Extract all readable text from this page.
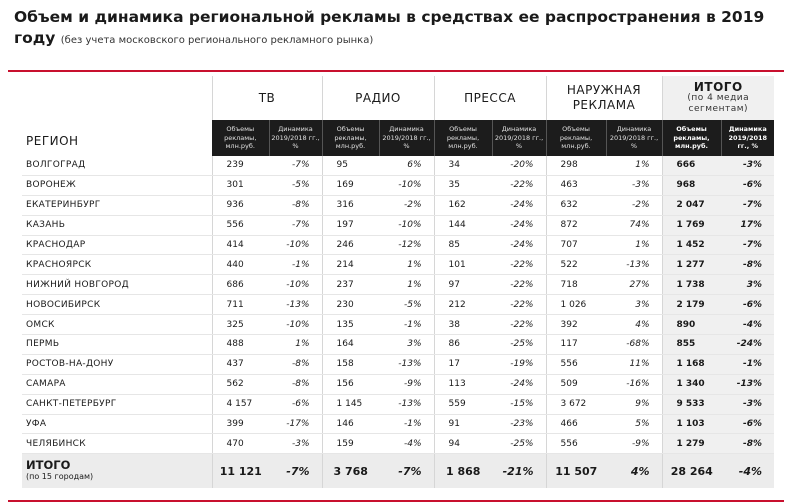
Объем и динамика региональной рекламы в средствах ее распространения в 2019 году (без учета московского регионального рекламного рынка)
РЕГИОН	ТВ		РАДИО		ПРЕССА		НАРУЖНАЯ РЕКЛАМА		ИТОГО
(по 4 медиа сегментам)	

	Объемы рекламы, млн.руб.	Динамика 2019/2018 гг., %	Объемы рекламы, млн.руб.	Динамика 2019/2018 гг., %	Объемы рекламы, млн.руб.	Динамика 2019/2018 гг., %	Объемы рекламы, млн.руб.	Динамика 2019/2018 гг., %	Объемы рекламы, млн.руб.	Динамика 2019/2018 гг., %
ВОЛГОГРАД	239	-7%	95	6%	34	-20%	298	1%	666	-3%
ВОРОНЕЖ	301	-5%	169	-10%	35	-22%	463	-3%	968	-6%
ЕКАТЕРИНБУРГ	936	-8%	316	-2%	162	-24%	632	-2%	2 047	-7%
КАЗАНЬ	556	-7%	197	-10%	144	-24%	872	74%	1 769	17%
КРАСНОДАР	414	-10%	246	-12%	85	-24%	707	1%	1 452	-7%
КРАСНОЯРСК	440	-1%	214	1%	101	-22%	522	-13%	1 277	-8%
НИЖНИЙ НОВГОРОД	686	-10%	237	1%	97	-22%	718	27%	1 738	3%
НОВОСИБИРСК	711	-13%	230	-5%	212	-22%	1 026	3%	2 179	-6%
ОМСК	325	-10%	135	-1%	38	-22%	392	4%	890	-4%
ПЕРМЬ	488	1%	164	3%	86	-25%	117	-68%	855	-24%
РОСТОВ-НА-ДОНУ	437	-8%	158	-13%	17	-19%	556	11%	1 168	-1%
САМАРА	562	-8%	156	-9%	113	-24%	509	-16%	1 340	-13%
САНКТ-ПЕТЕРБУРГ	4 157	-6%	1 145	-13%	559	-15%	3 672	9%	9 533	-3%
УФА	399	-17%	146	-1%	91	-23%	466	5%	1 103	-6%
ЧЕЛЯБИНСК	470	-3%	159	-4%	94	-25%	556	-9%	1 279	-8%

ИТОГО
(по 15 городам)	11 121	-7%	3 768	-7%	1 868	-21%	11 507	4%	28 264	-4%
